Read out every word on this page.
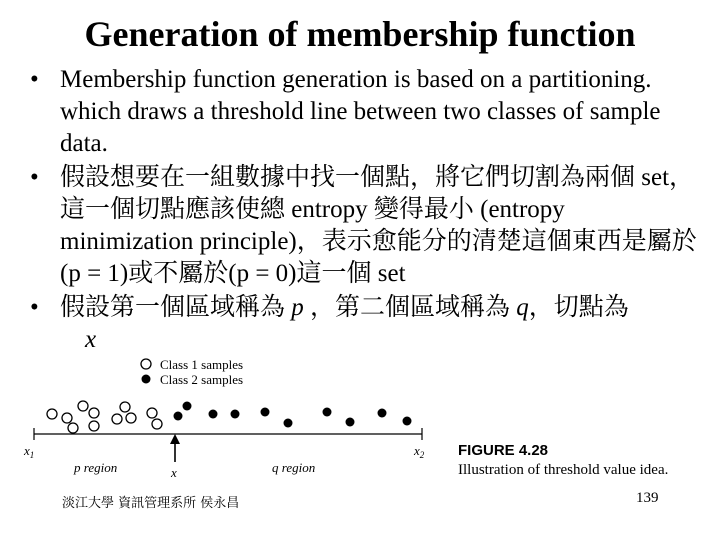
Generation of membership function
• Membership function generation is based on a partitioning. which draws a threshold line between two classes of sample data.
• 假設想要在一組數據中找一個點，將它們切割為兩個 set，這一個切點應該使總 entropy 變得最小 (entropy minimization principle)，表示愈能分的清楚這個東西是屬於(p = 1)或不屬於(p = 0)這一個 set
• 假設第一個區域稱為 p ，第二個區域稱為 q，切點為
x
Class 1 samples
Class 2 samples
$x_1$	$x_2$
x
p region	q region
FIGURE 4.28
Illustration of threshold value idea.
淡江大學 資訊管理系所 侯永昌	139
